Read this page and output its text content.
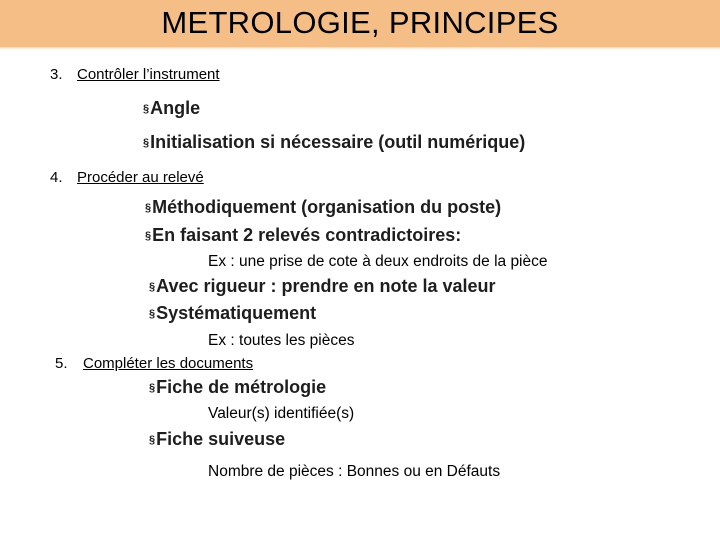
METROLOGIE, PRINCIPES
3. Contrôler l’instrument
§Angle
§Initialisation si nécessaire (outil numérique)
4. Procéder au relevé
§Méthodiquement (organisation du poste)
§En faisant 2 relevés contradictoires:
Ex : une prise de cote à deux endroits de la pièce
§Avec rigueur : prendre en note la valeur
§Systématiquement
Ex : toutes les pièces
5. Compléter les documents
§Fiche de métrologie
Valeur(s) identifiée(s)
§Fiche suiveuse
Nombre de pièces : Bonnes ou en Défauts
